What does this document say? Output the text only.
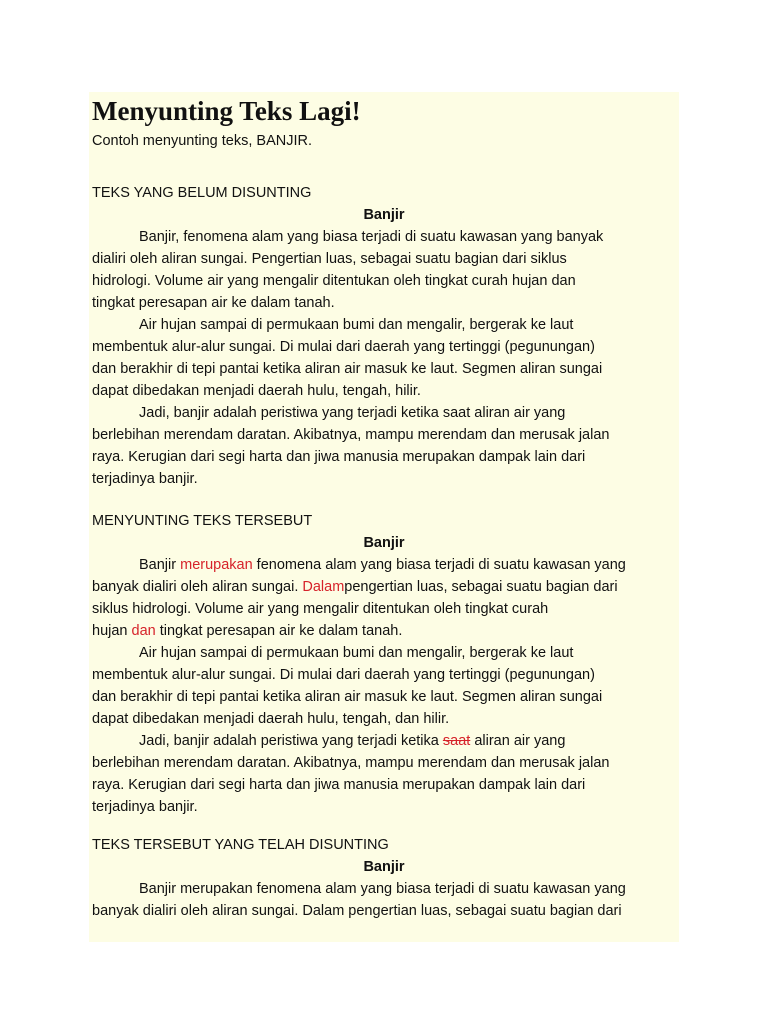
Menyunting Teks Lagi!
Contoh menyunting teks, BANJIR.
TEKS YANG BELUM DISUNTING
Banjir
Banjir, fenomena alam yang biasa terjadi di suatu kawasan yang banyak
dialiri oleh aliran sungai. Pengertian luas, sebagai suatu bagian dari siklus
hidrologi. Volume air yang mengalir ditentukan oleh tingkat curah hujan dan
tingkat peresapan air ke dalam tanah.
Air hujan sampai di permukaan bumi dan mengalir, bergerak ke laut
membentuk alur-alur sungai. Di mulai dari daerah yang tertinggi (pegunungan)
dan berakhir di tepi pantai ketika aliran air masuk ke laut. Segmen aliran sungai
dapat dibedakan menjadi daerah hulu, tengah, hilir.
Jadi, banjir adalah peristiwa yang terjadi ketika saat aliran air yang
berlebihan merendam daratan. Akibatnya, mampu merendam dan merusak jalan
raya. Kerugian dari segi harta dan jiwa manusia merupakan dampak lain dari
terjadinya banjir.
MENYUNTING TEKS TERSEBUT
Banjir
Banjir merupakan fenomena alam yang biasa terjadi di suatu kawasan yang
banyak dialiri oleh aliran sungai. Dalampengertian luas, sebagai suatu bagian dari
siklus hidrologi. Volume air yang mengalir ditentukan oleh tingkat curah
hujan dan tingkat peresapan air ke dalam tanah.
Air hujan sampai di permukaan bumi dan mengalir, bergerak ke laut
membentuk alur-alur sungai. Di mulai dari daerah yang tertinggi (pegunungan)
dan berakhir di tepi pantai ketika aliran air masuk ke laut. Segmen aliran sungai
dapat dibedakan menjadi daerah hulu, tengah, dan hilir.
Jadi, banjir adalah peristiwa yang terjadi ketika saat aliran air yang
berlebihan merendam daratan. Akibatnya, mampu merendam dan merusak jalan
raya. Kerugian dari segi harta dan jiwa manusia merupakan dampak lain dari
terjadinya banjir.
TEKS TERSEBUT YANG TELAH DISUNTING
Banjir
Banjir merupakan fenomena alam yang biasa terjadi di suatu kawasan yang
banyak dialiri oleh aliran sungai. Dalam pengertian luas, sebagai suatu bagian dari
